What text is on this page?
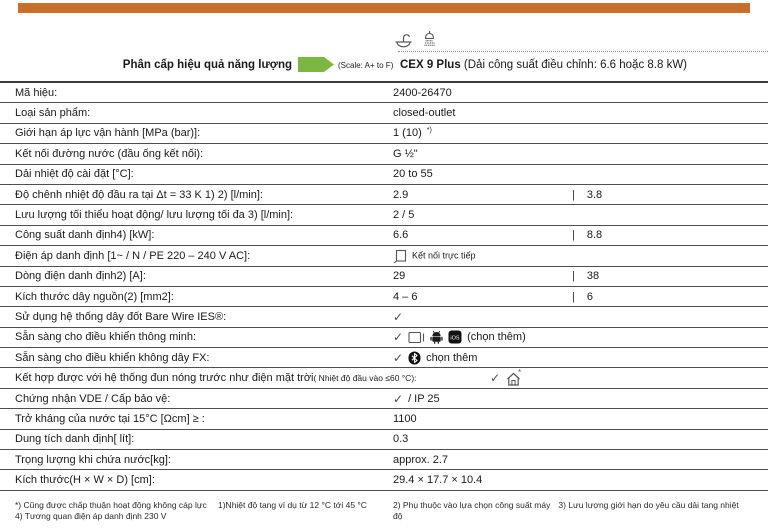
Phân cấp hiệu quả năng lượng	(Scale: A+ to F) CEX 9 Plus (Dải công suất điều chỉnh: 6.6 hoặc 8.8 kW)
Mã hiệu:	2400-26470
Loại sản phẩm:	closed-outlet
Giới hạn áp lực vận hành [MPa (bar)]:	1 (10) *)
Kết nối đường nước (đầu ống kết nối):	G ½"
Dải nhiệt độ cài đặt [°C]:	20 to 55
Độ chênh nhiệt độ đầu ra tại Δt = 33 K 1) 2) [l/min]:	2.9	| 3.8
Lưu lượng tối thiểu hoạt động/ lưu lượng tối đa 3) [l/min]:	2 / 5
Công suất danh định4) [kW]:	6.6	| 8.8
Điện áp danh định [1~ / N / PE 220 – 240 V AC]:	Kết nối trực tiếp
Dòng điện danh định2) [A]:	29	| 38
Kích thước dây nguồn(2) [mm2]:	4 – 6	| 6
Sử dụng hệ thống dây đốt Bare Wire IES®:	✓
Sẵn sàng cho điều khiển thông minh:	✓	iOS (chọn thêm)
Sẵn sàng cho điều khiển không dây FX:	✓ chọn thêm
Kết hợp được với hệ thống đun nóng trước như điện mặt trời( Nhiệt độ đầu vào ≤60 °C):	✓ *
Chứng nhận VDE / Cấp bảo vệ:	✓ / IP 25
Trở kháng của nước tại 15°C [Ωcm] ≥ :	1100
Dung tích danh định[ lít]:	0.3
Trọng lượng khi chứa nước[kg]:	approx. 2.7
Kích thước(H × W × D) [cm]:	29.4 × 17.7 × 10.4
*) Cũng được chấp thuận hoạt động không cáp lực
4) Tương quan điện áp danh định 230 V
1)Nhiệt độ tang ví dụ từ 12 °C tới 45 °C	2) Phụ thuộc vào lựa chọn công suất máy 3) Lưu lượng giới hạn do yêu cầu dải tang nhiệt độ
